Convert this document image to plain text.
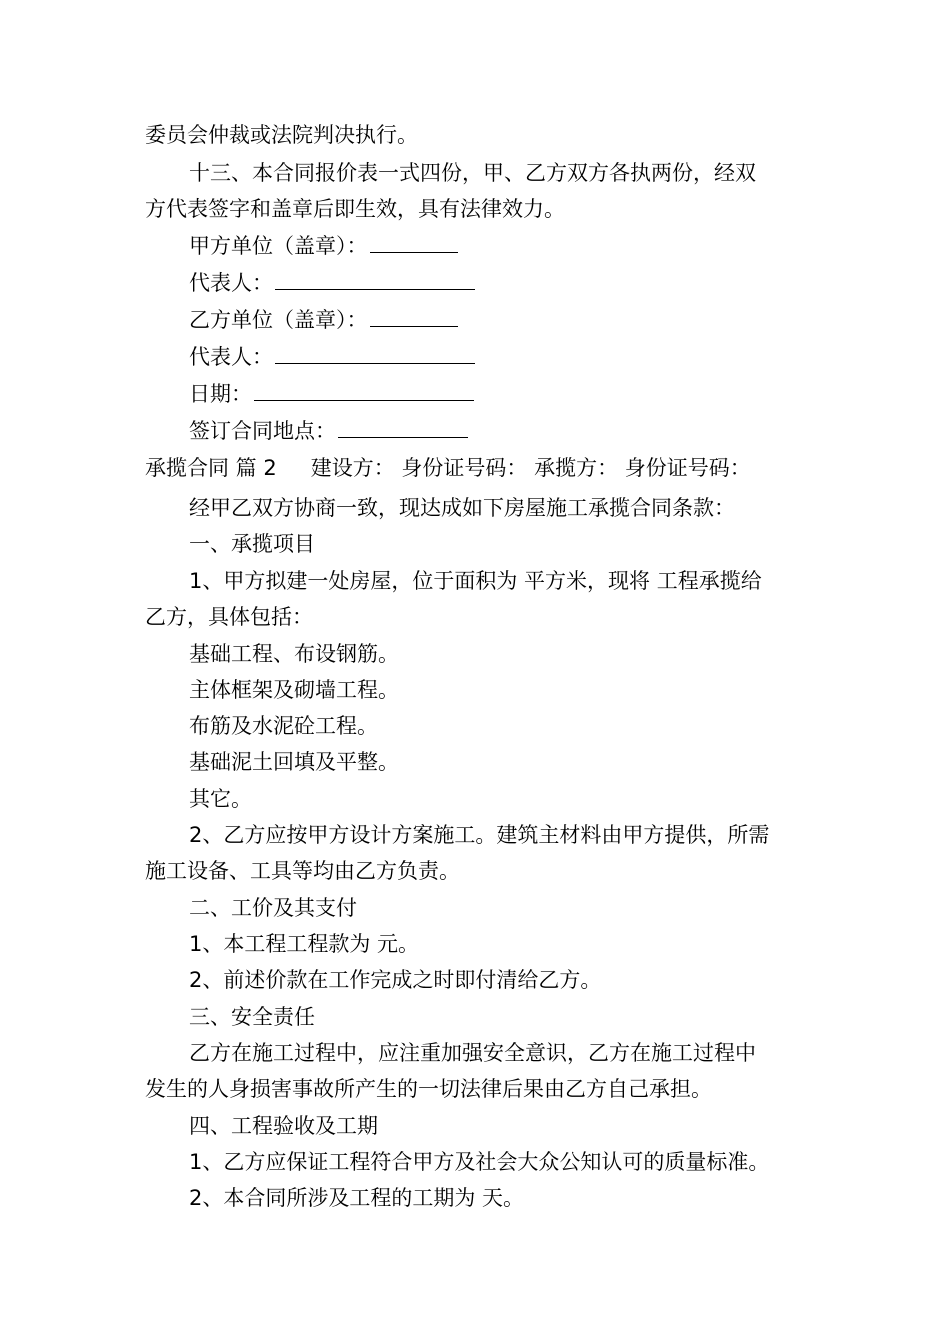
委员会仲裁或法院判决执行。
十三、本合同报价表一式四份，甲、乙方双方各执两份，经双
方代表签字和盖章后即生效，具有法律效力。
甲方单位（盖章）：
代表人：
乙方单位（盖章）：
代表人：
日期：
签订合同地点：
承揽合同 篇 2 建设方： 身份证号码： 承揽方： 身份证号码：
经甲乙双方协商一致，现达成如下房屋施工承揽合同条款：
一、承揽项目
1、甲方拟建一处房屋，位于面积为 平方米，现将 工程承揽给
乙方，具体包括：
基础工程、布设钢筋。
主体框架及砌墙工程。
布筋及水泥砼工程。
基础泥土回填及平整。
其它。
2、乙方应按甲方设计方案施工。建筑主材料由甲方提供，所需
施工设备、工具等均由乙方负责。
二、工价及其支付
1、本工程工程款为 元。
2、前述价款在工作完成之时即付清给乙方。
三、安全责任
乙方在施工过程中，应注重加强安全意识，乙方在施工过程中
发生的人身损害事故所产生的一切法律后果由乙方自己承担。
四、工程验收及工期
1、乙方应保证工程符合甲方及社会大众公知认可的质量标准。
2、本合同所涉及工程的工期为 天。
